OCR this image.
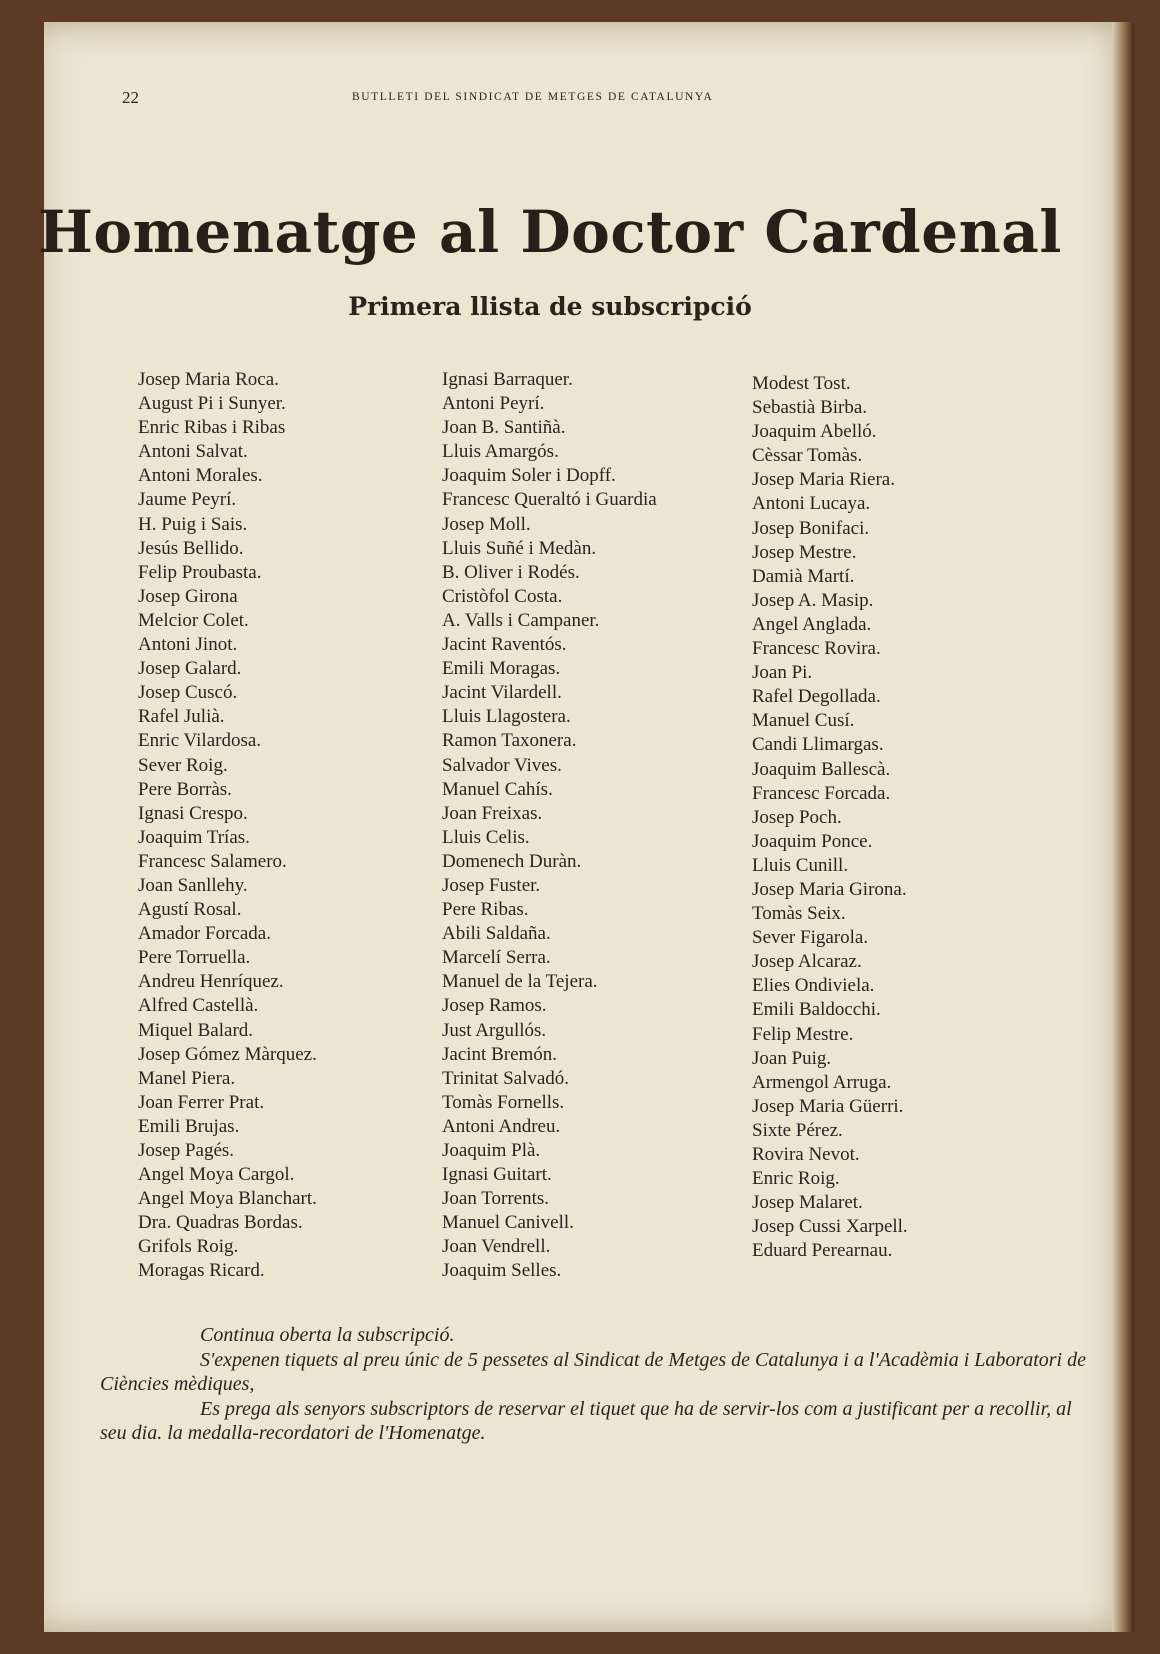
22	BUTLLETI DEL SINDICAT DE METGES DE CATALUNYA
Homenatge al Doctor Cardenal
Primera llista de subscripció
Josep Maria Roca.
August Pi i Sunyer.
Enric Ribas i Ribas
Antoni Salvat.
Antoni Morales.
Jaume Peyrí.
H. Puig i Sais.
Jesús Bellido.
Felip Proubasta.
Josep Girona
Melcior Colet.
Antoni Jinot.
Josep Galard.
Josep Cuscó.
Rafel Julià.
Enric Vilardosa.
Sever Roig.
Pere Borràs.
Ignasi Crespo.
Joaquim Trías.
Francesc Salamero.
Joan Sanllehy.
Agustí Rosal.
Amador Forcada.
Pere Torruella.
Andreu Henríquez.
Alfred Castellà.
Miquel Balard.
Josep Gómez Màrquez.
Manel Piera.
Joan Ferrer Prat.
Emili Brujas.
Josep Pagés.
Angel Moya Cargol.
Angel Moya Blanchart.
Dra. Quadras Bordas.
Grifols Roig.
Moragas Ricard.
Ignasi Barraquer.
Antoni Peyrí.
Joan B. Santiñà.
Lluis Amargós.
Joaquim Soler i Dopff.
Francesc Queraltó i Guardia
Josep Moll.
Lluis Suñé i Medàn.
B. Oliver i Rodés.
Cristòfol Costa.
A. Valls i Campaner.
Jacint Raventós.
Emili Moragas.
Jacint Vilardell.
Lluis Llagostera.
Ramon Taxonera.
Salvador Vives.
Manuel Cahís.
Joan Freixas.
Lluis Celis.
Domenech Duràn.
Josep Fuster.
Pere Ribas.
Abili Saldaña.
Marcelí Serra.
Manuel de la Tejera.
Josep Ramos.
Just Argullós.
Jacint Bremón.
Trinitat Salvadó.
Tomàs Fornells.
Antoni Andreu.
Joaquim Plà.
Ignasi Guitart.
Joan Torrents.
Manuel Canivell.
Joan Vendrell.
Joaquim Selles.
Modest Tost.
Sebastià Birba.
Joaquim Abelló.
Cèssar Tomàs.
Josep Maria Riera.
Antoni Lucaya.
Josep Bonifaci.
Josep Mestre.
Damià Martí.
Josep A. Masip.
Angel Anglada.
Francesc Rovira.
Joan Pi.
Rafel Degollada.
Manuel Cusí.
Candi Llimargas.
Joaquim Ballescà.
Francesc Forcada.
Josep Poch.
Joaquim Ponce.
Lluis Cunill.
Josep Maria Girona.
Tomàs Seix.
Sever Figarola.
Josep Alcaraz.
Elies Ondiviela.
Emili Baldocchi.
Felip Mestre.
Joan Puig.
Armengol Arruga.
Josep Maria Güerri.
Sixte Pérez.
Rovira Nevot.
Enric Roig.
Josep Malaret.
Josep Cussi Xarpell.
Eduard Perearnau.

Continua oberta la subscripció.

S'expenen tiquets al preu únic de 5 pessetes al Sindicat de Metges de Catalunya i a l'Acadèmia i Laboratori de Ciències mèdiques,

Es prega als senyors subscriptors de reservar el tiquet que ha de servir-los com a justificant per a recollir, al seu dia. la medalla-recordatori de l'Homenatge.
